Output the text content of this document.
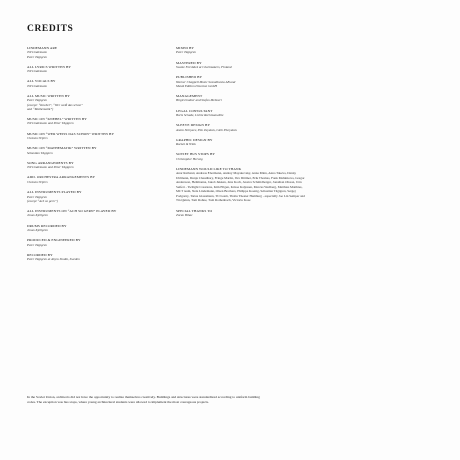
CREDITS
LINDEMANN ARE
Till Lindemann
Peter Tägtgren
ALL LYRICS WRITTEN BY
Till Lindemann
ALL VOCALS BY
Till Lindemann
ALL MUSIC WRITTEN BY
Peter Tägtgren
(except: “Knebel”, “Wer weiß das schon”
and “Mathematik”)
MUSIC ON “KNEBEL” WRITTEN BY
Till Lindemann and Peter Tägtgren
MUSIC ON “WER WEISS DAS SCHON” WRITTEN BY
Clemens Wijers
MUSIC ON “MATHEMATIK” WRITTEN BY
Sebastian Tägtgren
SONG ARRANGEMENTS BY
Till Lindemann and Peter Tägtgren
ADD. ORCHESTRA ARRANGEMENTS BY
Clemens Wijers
ALL INSTRUMENTS PLAYED BY
Peter Tägtgren
(except “Ach so gern”)
ALL INSTRUMENTS ON “ACH SO GERN” PLAYED BY
Jonas Kjellgren
DRUMS RECORDED BY
Jonas Kjellgren
PRODUCED & ENGINEERED BY
Peter Tägtgren
RECORDED BY
Peter Tägtgren at Abyss Studio, Sweden
MIXED BY
Peter Tägtgren
MASTERED BY
Svante Forsbäck at Chartmakers, Finland
PUBLISHED BY
Warner Chappell Music Scandinavia AB and
Musik Edition Discoton GmbH
MANAGEMENT
Birgit Lindner and Stefan Mehnert
LEGAL CONSULTANT
Boris Schade, Lichte Rechtsanwälte
SLEEVE DESIGN BY
Anton Shiryaev, Pim Zuyakov, Gleb Piscyakov
GRAPHIC DESIGN BY
Rocket & Wink
SOVIET BUS STOPS BY
Christopher Herwig
LINDEMANN WOULD LIKE TO THANK
Anar Reiband, Andreas Ebermann, Andrey Mayakovsky, Anna Minn, Anna Takeva, Danny Uhlmann, Dunja Chaudhary, Fringe Martin, Ilva Dittmer, Erik Thomas, Fank Mahinkova, Gregor Andersson, Heilmanna, Jakob Jukkan, Jens Koch, Jessica Schmidberger, Jonathan Olsson, Jörn Seifert - Twilight Creations, Kim Ellgen, Krisse Kaljonen, Marcus Wedberg, Matthias Matthies, MCT team, Nele Lindemann, Olsen Brothers, Philippe Koenig, Sebastian Tägtgren, Sergej Podgorny, Tarias Glassmann, TCI team, Thalia Theater Hamburg - especially Joe Lin Semper and Tin Quinn, Tom Rohne, Tom Rothenbach, Victoria Kose
SPECIAL THANKS TO
Zoran Bihac
In the Soviet Union, architects did not have the opportunity to realize themselves creatively. Buildings and structures were standardized according to uniform building codes. The exception was bus stops, where young architectural students were allowed to implement the most courageous projects.
